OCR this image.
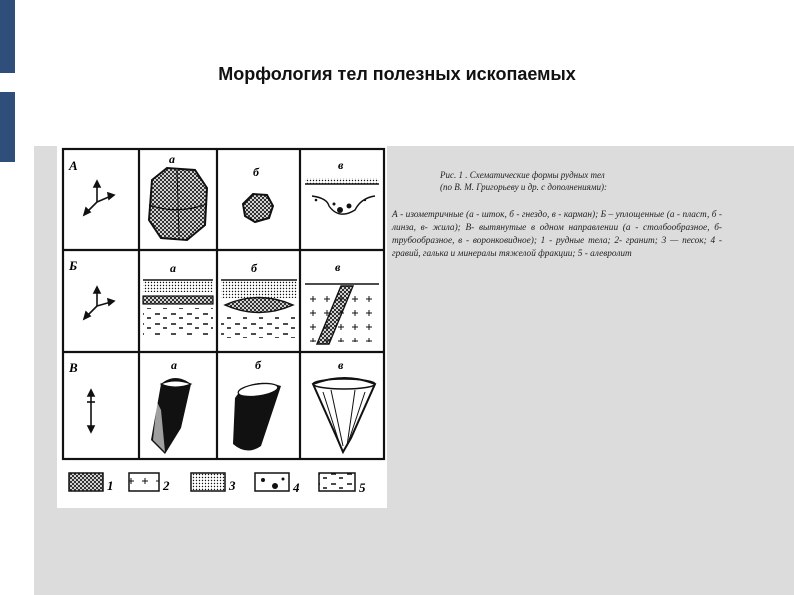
Морфология тел полезных ископаемых
А
Б
В
а
б	в
а	б	в
а	б	в
1	2	3	4	5
Рис. 1 . Схематические формы рудных тел
(по В. М. Григорьеву и др. с дополнениями):
А - изометричные (а - шток, б - гнездо, в - карман); Б – уплощенные (а - пласт, б - линза, в- жила); В- вытянутые в одном направлении (а - столбообразное, б-трубообразное, в - воронковидное); 1 - рудные тела; 2- гранит; 3 — песок; 4 - гравий, галька и минералы тяжелой фракции; 5 - алевролит
